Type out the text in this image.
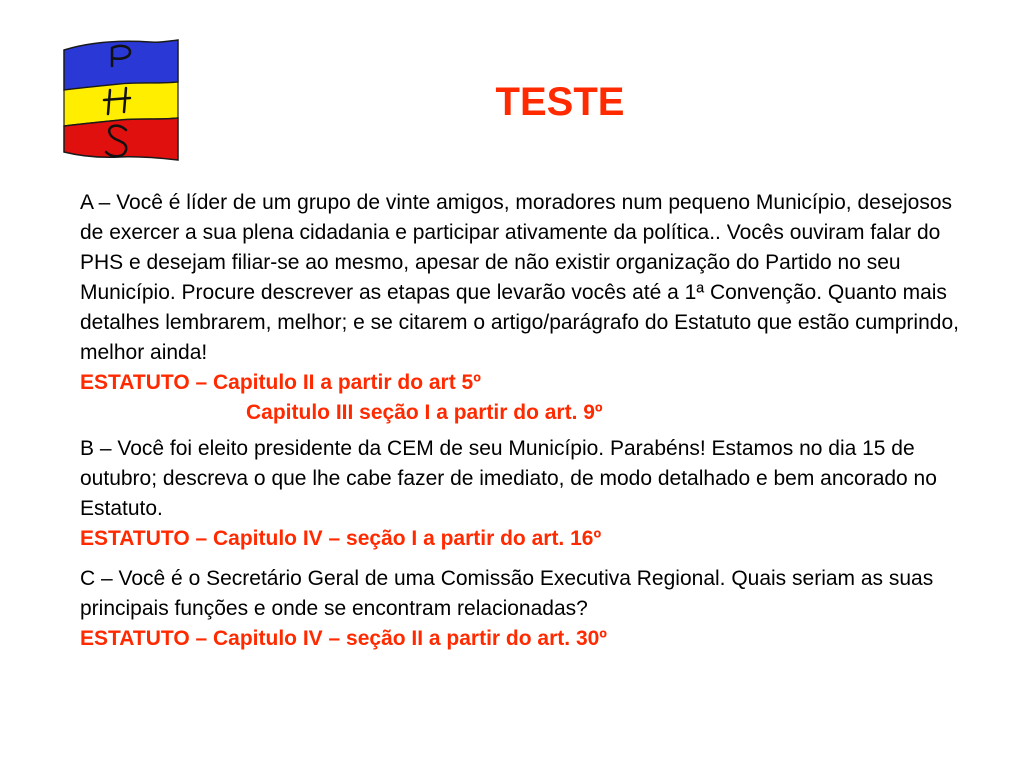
TESTE

A – Você é líder de um grupo de vinte amigos, moradores num pequeno Município, desejosos de exercer a sua plena cidadania e participar ativamente da política.. Vocês ouviram falar do PHS e desejam filiar-se ao mesmo, apesar de não existir organização do Partido no seu Município. Procure descrever as etapas que levarão vocês até a 1ª Convenção. Quanto mais detalhes lembrarem, melhor; e se citarem o artigo/parágrafo do Estatuto que estão cumprindo, melhor ainda!

ESTATUTO – Capitulo II a partir do art 5º

Capitulo III seção I a partir do art. 9º

B – Você foi eleito presidente da CEM de seu Município. Parabéns! Estamos no dia 15 de outubro; descreva o que lhe cabe fazer de imediato, de modo detalhado e bem ancorado no Estatuto.

ESTATUTO – Capitulo IV – seção I a partir do art. 16º

C – Você é o Secretário Geral de uma Comissão Executiva Regional. Quais seriam as suas principais funções e onde se encontram relacionadas?

ESTATUTO – Capitulo IV – seção II a partir do art. 30º
